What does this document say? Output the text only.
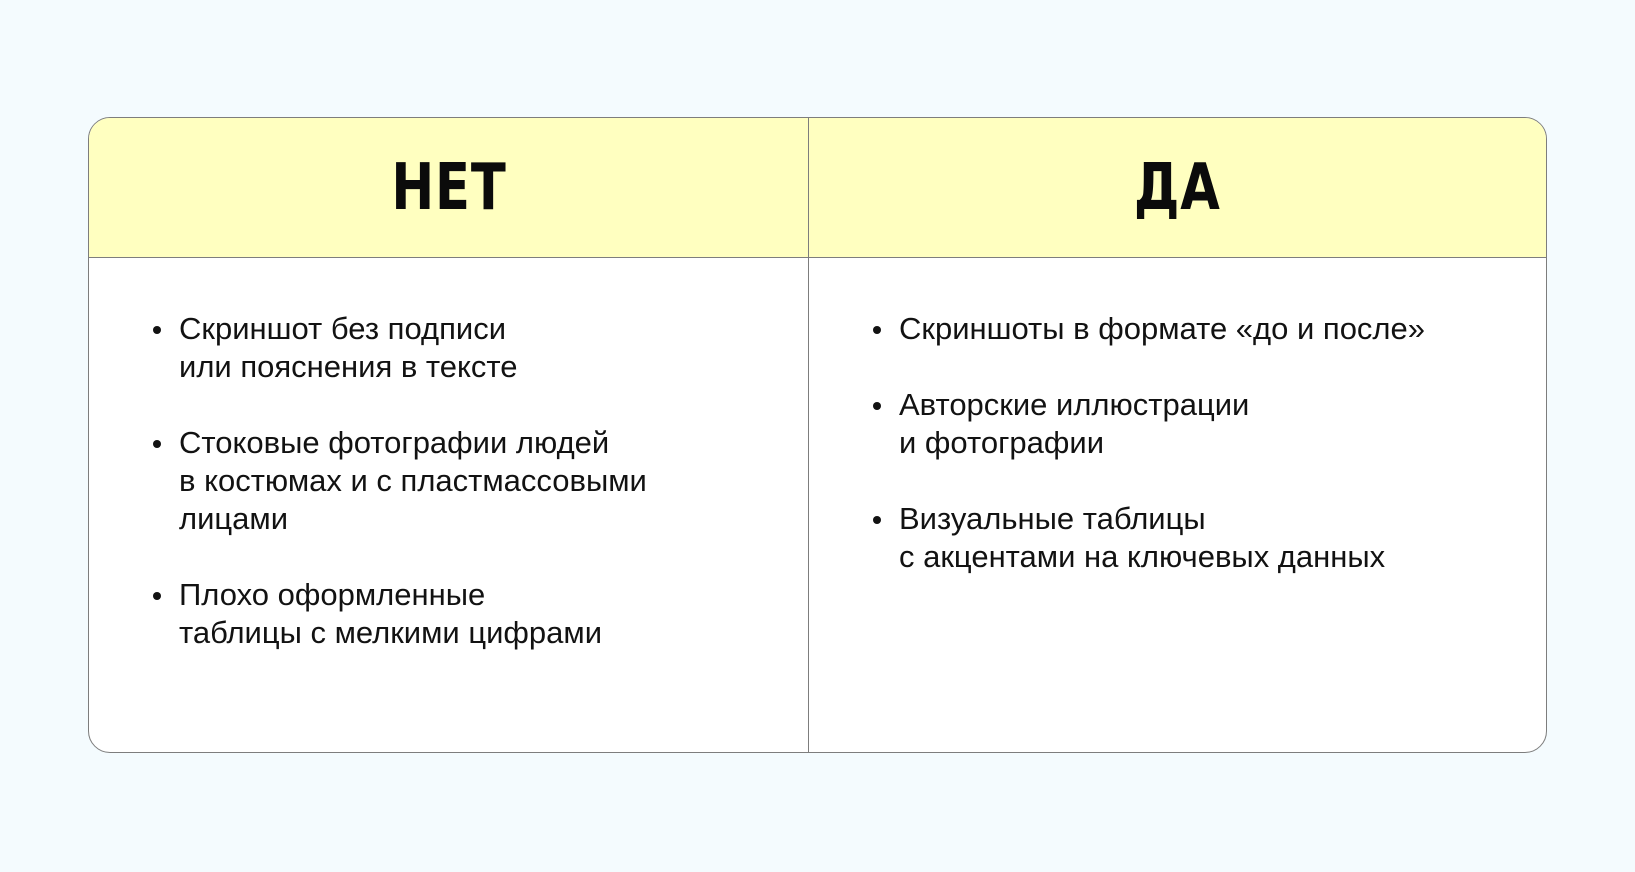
НЕТ	ДА
Скриншот без подписи
или пояснения в тексте
Стоковые фотографии людей
в костюмах и с пластмассовыми
лицами
Плохо оформленные
таблицы с мелкими цифрами
Скриншоты в формате «до и после»
Авторские иллюстрации
и фотографии
Визуальные таблицы
с акцентами на ключевых данных
